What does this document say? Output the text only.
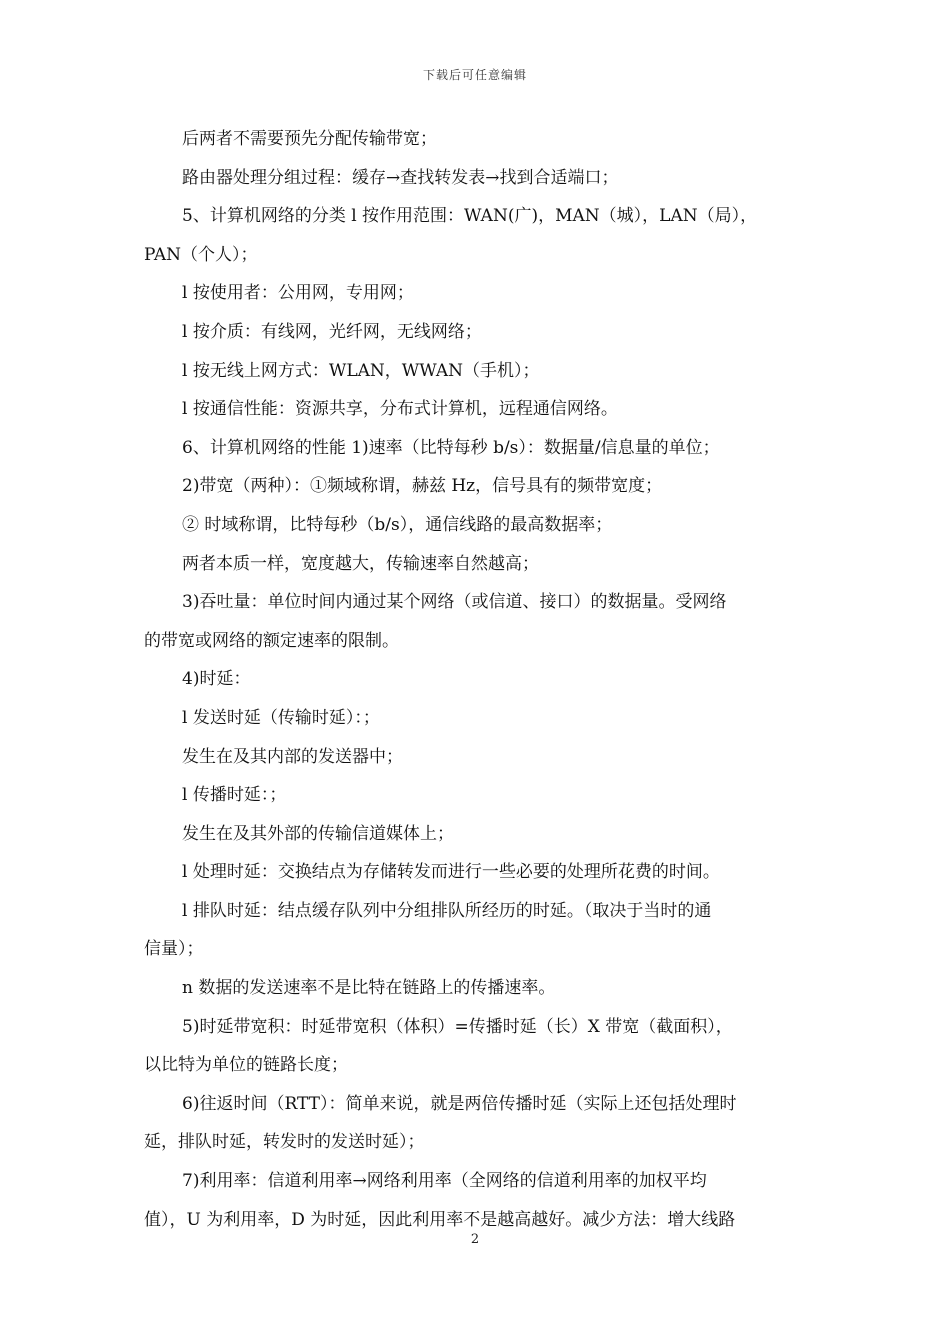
下载后可任意编辑
后两者不需要预先分配传输带宽；
路由器处理分组过程：缓存→查找转发表→找到合适端口；
5、计算机网络的分类 l 按作用范围：WAN(广)，MAN（城），LAN（局），
PAN（个人）；
l 按使用者：公用网，专用网；
l 按介质：有线网，光纤网，无线网络；
l 按无线上网方式：WLAN，WWAN（手机）；
l 按通信性能：资源共享，分布式计算机，远程通信网络。
6、计算机网络的性能 1)速率（比特每秒 b/s）：数据量/信息量的单位；
2)带宽（两种）：①频域称谓，赫兹 Hz，信号具有的频带宽度；
② 时域称谓，比特每秒（b/s），通信线路的最高数据率；
两者本质一样，宽度越大，传输速率自然越高；
3)吞吐量：单位时间内通过某个网络（或信道、接口）的数据量。受网络
的带宽或网络的额定速率的限制。
4)时延：
l 发送时延（传输时延）：；
发生在及其内部的发送器中；
l 传播时延：；
发生在及其外部的传输信道媒体上；
l 处理时延：交换结点为存储转发而进行一些必要的处理所花费的时间。
l 排队时延：结点缓存队列中分组排队所经历的时延。（取决于当时的通
信量）；
n 数据的发送速率不是比特在链路上的传播速率。
5)时延带宽积：时延带宽积（体积）=传播时延（长）X 带宽（截面积），
以比特为单位的链路长度；
6)往返时间（RTT）：简单来说，就是两倍传播时延（实际上还包括处理时
延，排队时延，转发时的发送时延）；
7)利用率：信道利用率→网络利用率（全网络的信道利用率的加权平均
值），U 为利用率，D 为时延，因此利用率不是越高越好。减少方法：增大线路
2
